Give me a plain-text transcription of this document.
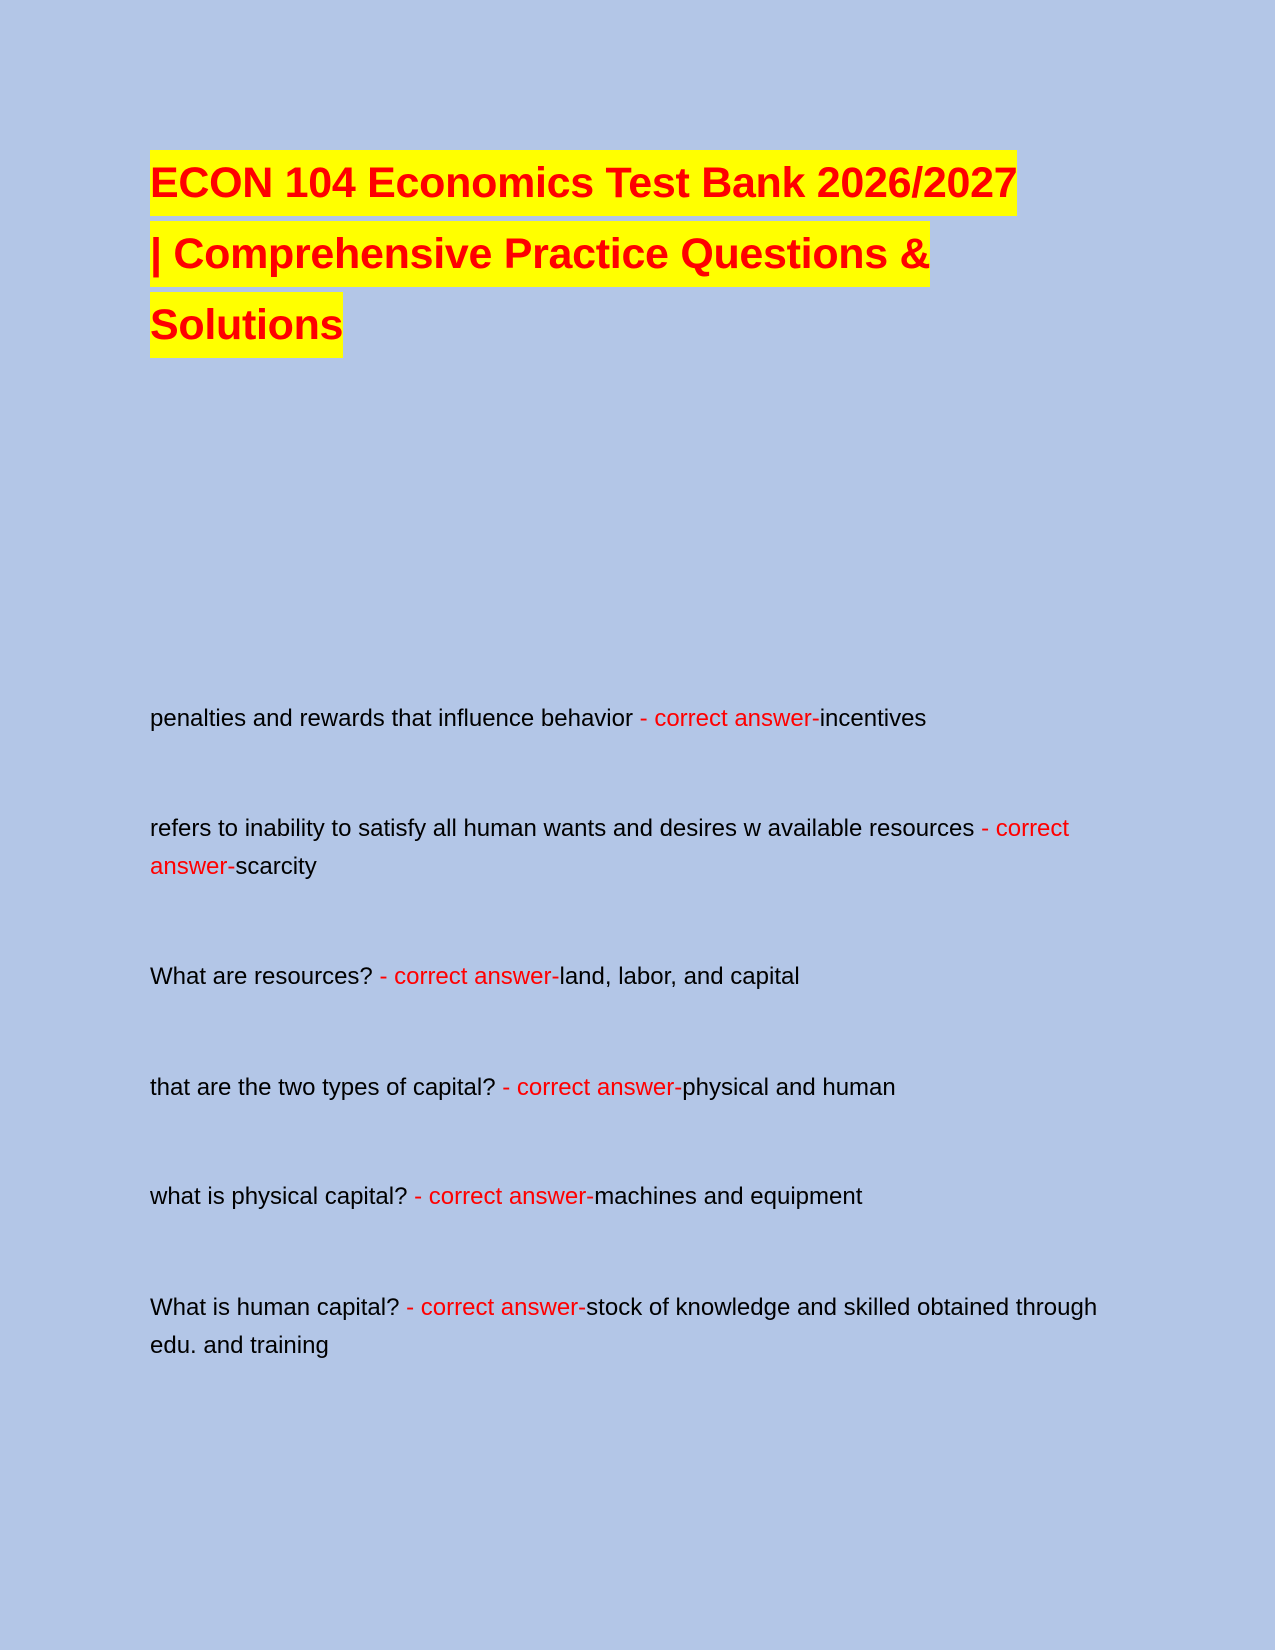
ECON 104 Economics Test Bank 2026/2027
| Comprehensive Practice Questions &
Solutions

penalties and rewards that influence behavior - correct answer-incentives

refers to inability to satisfy all human wants and desires w available resources - correct answer-scarcity

What are resources? - correct answer-land, labor, and capital

that are the two types of capital? - correct answer-physical and human

what is physical capital? - correct answer-machines and equipment

What is human capital? - correct answer-stock of knowledge and skilled obtained through edu. and training
